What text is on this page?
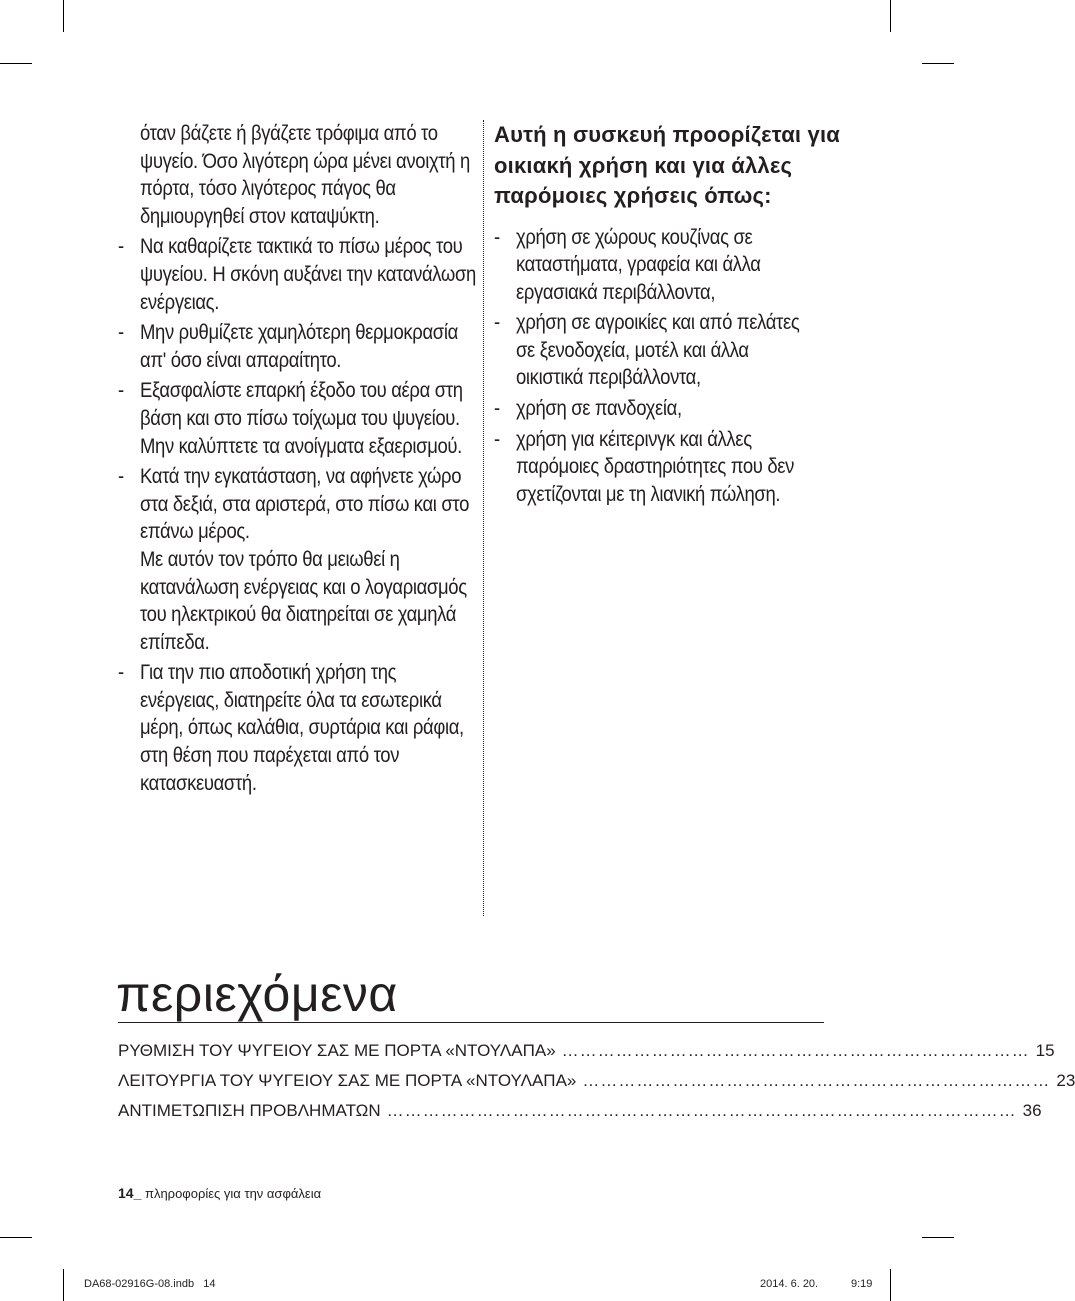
όταν βάζετε ή βγάζετε τρόφιμα από το ψυγείο. Όσο λιγότερη ώρα μένει ανοιχτή η πόρτα, τόσο λιγότερος πάγος θα δημιουργηθεί στον καταψύκτη.
- Να καθαρίζετε τακτικά το πίσω μέρος του ψυγείου. Η σκόνη αυξάνει την κατανάλωση ενέργειας.
- Μην ρυθμίζετε χαμηλότερη θερμοκρασία απ' όσο είναι απαραίτητο.
- Εξασφαλίστε επαρκή έξοδο του αέρα στη βάση και στο πίσω τοίχωμα του ψυγείου.
Μην καλύπτετε τα ανοίγματα εξαερισμού.
- Κατά την εγκατάσταση, να αφήνετε χώρο στα δεξιά, στα αριστερά, στο πίσω και στο επάνω μέρος.
Με αυτόν τον τρόπο θα μειωθεί η κατανάλωση ενέργειας και ο λογαριασμός του ηλεκτρικού θα διατηρείται σε χαμηλά επίπεδα.
- Για την πιο αποδοτική χρήση της ενέργειας, διατηρείτε όλα τα εσωτερικά μέρη, όπως καλάθια, συρτάρια και ράφια, στη θέση που παρέχεται από τον κατασκευαστή.
Αυτή η συσκευή προορίζεται για οικιακή χρήση και για άλλες παρόμοιες χρήσεις όπως:
- χρήση σε χώρους κουζίνας σε καταστήματα, γραφεία και άλλα εργασιακά περιβάλλοντα,
- χρήση σε αγροικίες και από πελάτες σε ξενοδοχεία, μοτέλ και άλλα οικιστικά περιβάλλοντα,
- χρήση σε πανδοχεία,
- χρήση για κέιτερινγκ και άλλες παρόμοιες δραστηριότητες που δεν σχετίζονται με τη λιανική πώληση.
περιεχόμενα
ΡΥΘΜΙΣΗ ΤΟΥ ΨΥΓΕΙΟΥ ΣΑΣ ΜΕ ΠΟΡΤΑ «ΝΤΟΥΛΑΠΑ» …………………………………………………………………… 15
ΛΕΙΤΟΥΡΓΙΑ ΤΟΥ ΨΥΓΕΙΟΥ ΣΑΣ ΜΕ ΠΟΡΤΑ «ΝΤΟΥΛΑΠΑ» …………………………………………………………………… 23
ΑΝΤΙΜΕΤΩΠΙΣΗ ΠΡΟΒΛΗΜΑΤΩΝ …………………………………………………………………………………………… 36
14_ πληροφορίες για την ασφάλεια
DA68-02916G-08.indb   14	2014. 6. 20.	9:19
